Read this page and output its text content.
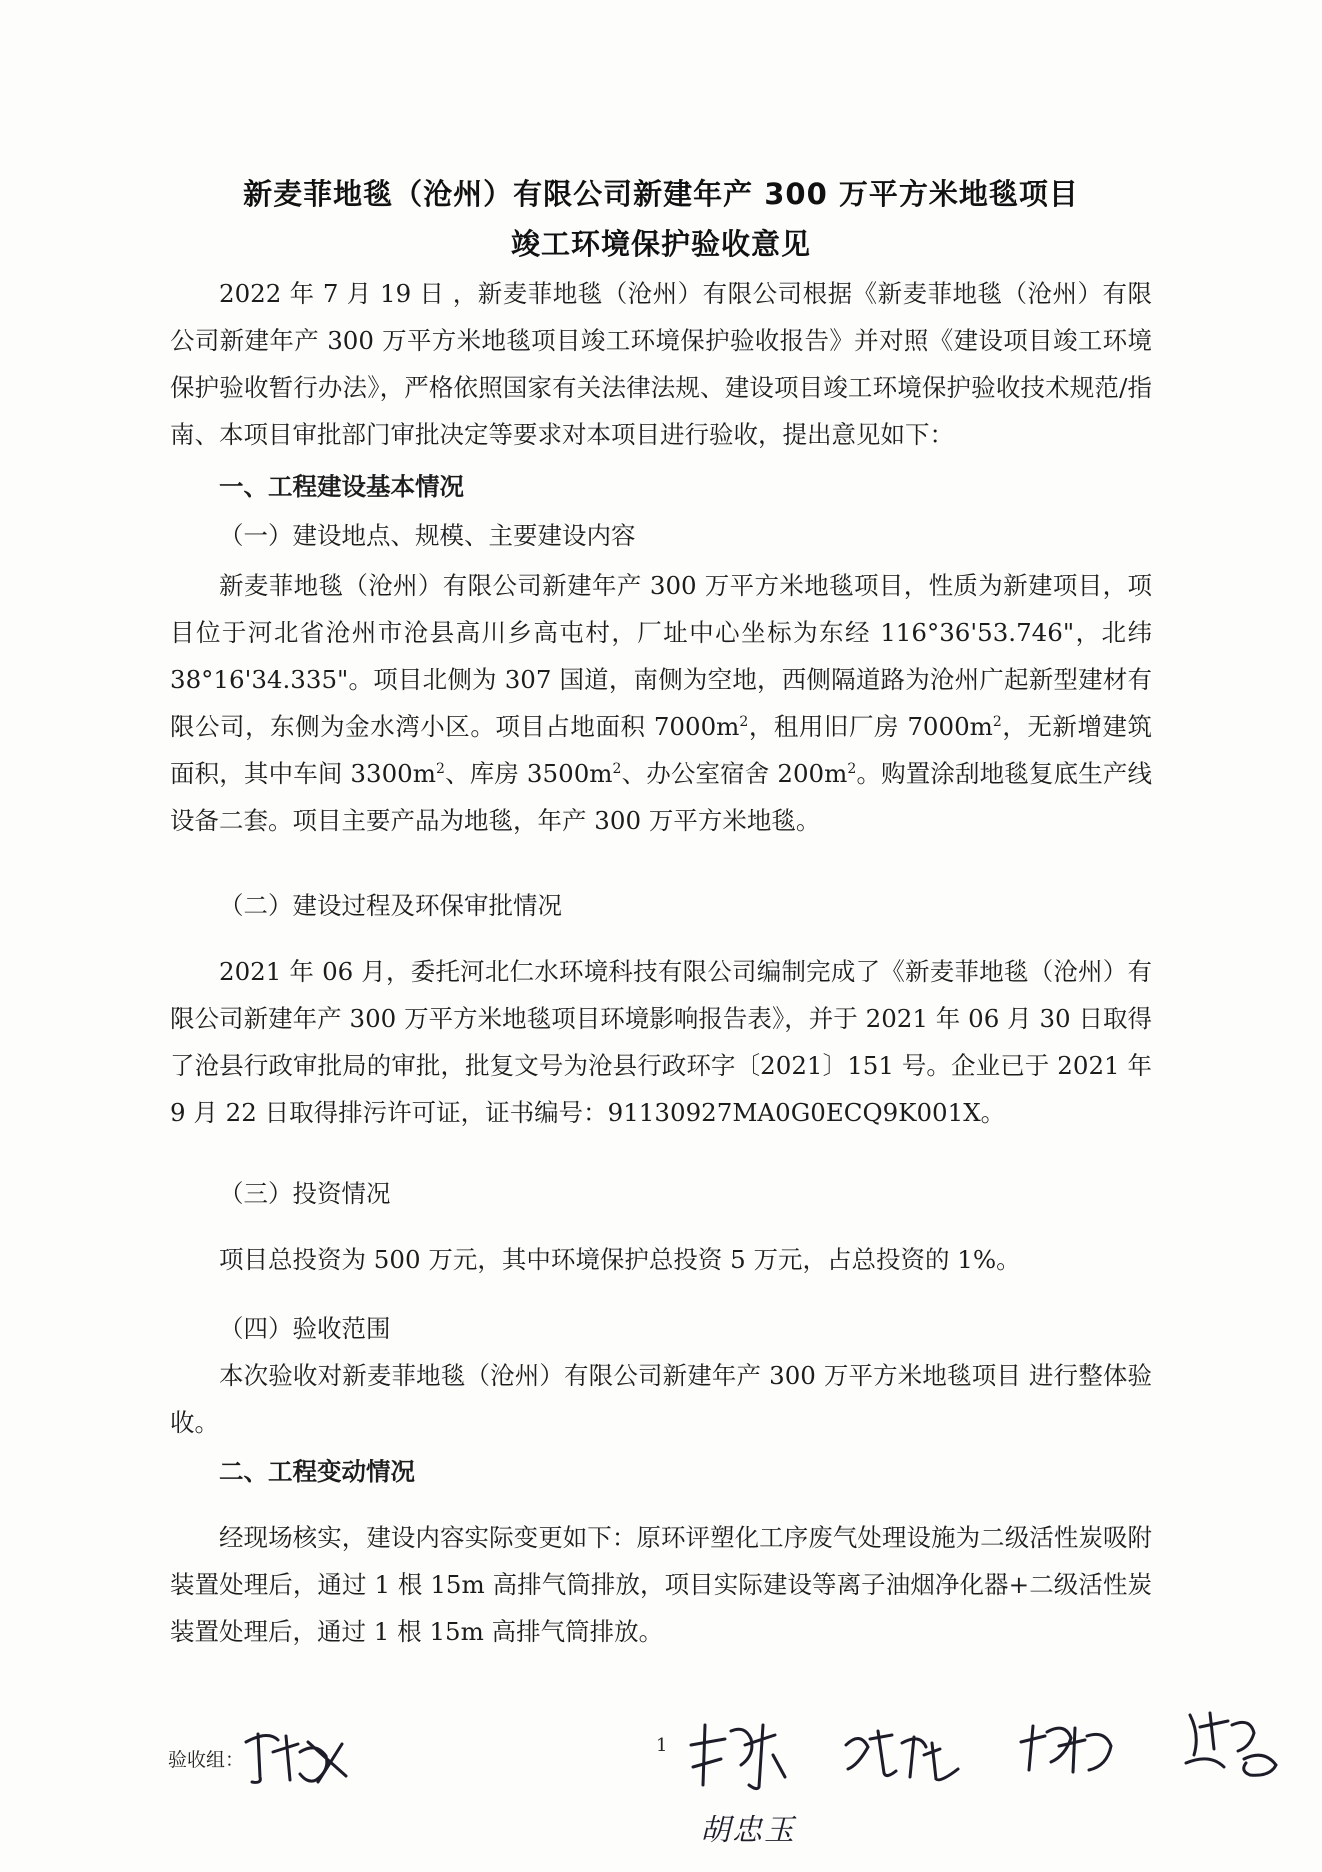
新麦菲地毯（沧州）有限公司新建年产 300 万平方米地毯项目
竣工环境保护验收意见
2022 年 7 月 19 日 ，新麦菲地毯（沧州）有限公司根据《新麦菲地毯（沧州）有限公司新建年产 300 万平方米地毯项目竣工环境保护验收报告》并对照《建设项目竣工环境保护验收暂行办法》，严格依照国家有关法律法规、建设项目竣工环境保护验收技术规范/指南、本项目审批部门审批决定等要求对本项目进行验收，提出意见如下：
一、工程建设基本情况
（一）建设地点、规模、主要建设内容
新麦菲地毯（沧州）有限公司新建年产 300 万平方米地毯项目，性质为新建项目，项目位于河北省沧州市沧县高川乡高屯村，厂址中心坐标为东经 116°36'53.746"，北纬 38°16'34.335"。项目北侧为 307 国道，南侧为空地，西侧隔道路为沧州广起新型建材有限公司，东侧为金水湾小区。项目占地面积 $7000m^2$，租用旧厂房 $7000m^2$，无新增建筑面积，其中车间 $3300m^2$、库房 $3500m^2$、办公室宿舍 $200m^2$。购置涂刮地毯复底生产线设备二套。项目主要产品为地毯，年产 300 万平方米地毯。
（二）建设过程及环保审批情况
2021 年 06 月，委托河北仁水环境科技有限公司编制完成了《新麦菲地毯（沧州）有限公司新建年产 300 万平方米地毯项目环境影响报告表》，并于 2021 年 06 月 30 日取得了沧县行政审批局的审批，批复文号为沧县行政环字〔2021〕151 号。企业已于 2021 年 9 月 22 日取得排污许可证，证书编号：91130927MA0G0ECQ9K001X。
（三）投资情况
项目总投资为 500 万元，其中环境保护总投资 5 万元，占总投资的 1%。
（四）验收范围
本次验收对新麦菲地毯（沧州）有限公司新建年产 300 万平方米地毯项目 进行整体验收。
二、工程变动情况
经现场核实，建设内容实际变更如下：原环评塑化工序废气处理设施为二级活性炭吸附装置处理后，通过 1 根 15m 高排气筒排放，项目实际建设等离子油烟净化器+二级活性炭装置处理后，通过 1 根 15m 高排气筒排放。
1
验收组：
胡忠玉
